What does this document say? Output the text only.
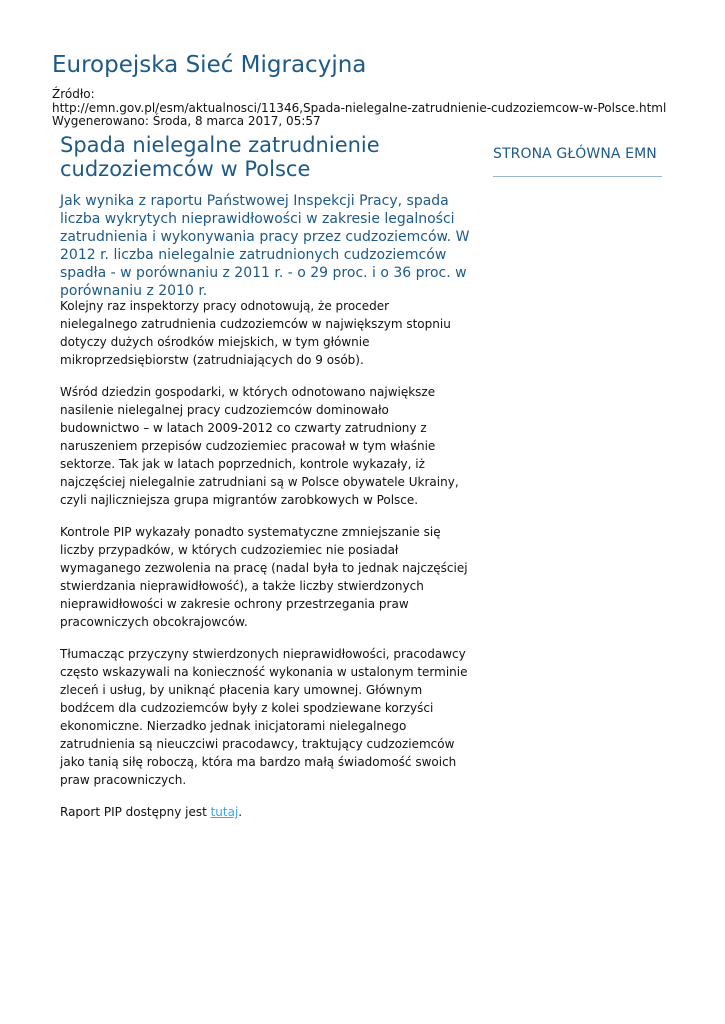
Europejska Sieć Migracyjna
Źródło:
http://emn.gov.pl/esm/aktualnosci/11346,Spada-nielegalne-zatrudnienie-cudzoziemcow-w-Polsce.html
Wygenerowano: Środa, 8 marca 2017, 05:57
Spada nielegalne zatrudnienie cudzoziemców w Polsce
STRONA GŁÓWNA EMN

Jak wynika z raportu Państwowej Inspekcji Pracy, spada liczba wykrytych nieprawidłowości w zakresie legalności zatrudnienia i wykonywania pracy przez cudzoziemców. W 2012 r. liczba nielegalnie zatrudnionych cudzoziemców spadła - w porównaniu z 2011 r. - o 29 proc. i o 36 proc. w porównaniu z 2010 r.

Kolejny raz inspektorzy pracy odnotowują, że proceder nielegalnego zatrudnienia cudzoziemców w największym stopniu dotyczy dużych ośrodków miejskich, w tym głównie mikroprzedsiębiorstw (zatrudniających do 9 osób).

Wśród dziedzin gospodarki, w których odnotowano największe nasilenie nielegalnej pracy cudzoziemców dominowało budownictwo – w latach 2009-2012 co czwarty zatrudniony z naruszeniem przepisów cudzoziemiec pracował w tym właśnie sektorze. Tak jak w latach poprzednich, kontrole wykazały, iż najczęściej nielegalnie zatrudniani są w Polsce obywatele Ukrainy, czyli najliczniejsza grupa migrantów zarobkowych w Polsce.

Kontrole PIP wykazały ponadto systematyczne zmniejszanie się liczby przypadków, w których cudzoziemiec nie posiadał wymaganego zezwolenia na pracę (nadal była to jednak najczęściej stwierdzania nieprawidłowość), a także liczby stwierdzonych nieprawidłowości w zakresie ochrony przestrzegania praw pracowniczych obcokrajowców.

Tłumacząc przyczyny stwierdzonych nieprawidłowości, pracodawcy często wskazywali na konieczność wykonania w ustalonym terminie zleceń i usług, by uniknąć płacenia kary umownej. Głównym bodźcem dla cudzoziemców były z kolei spodziewane korzyści ekonomiczne. Nierzadko jednak inicjatorami nielegalnego zatrudnienia są nieuczciwi pracodawcy, traktujący cudzoziemców jako tanią siłę roboczą, która ma bardzo małą świadomość swoich praw pracowniczych.

Raport PIP dostępny jest tutaj.
